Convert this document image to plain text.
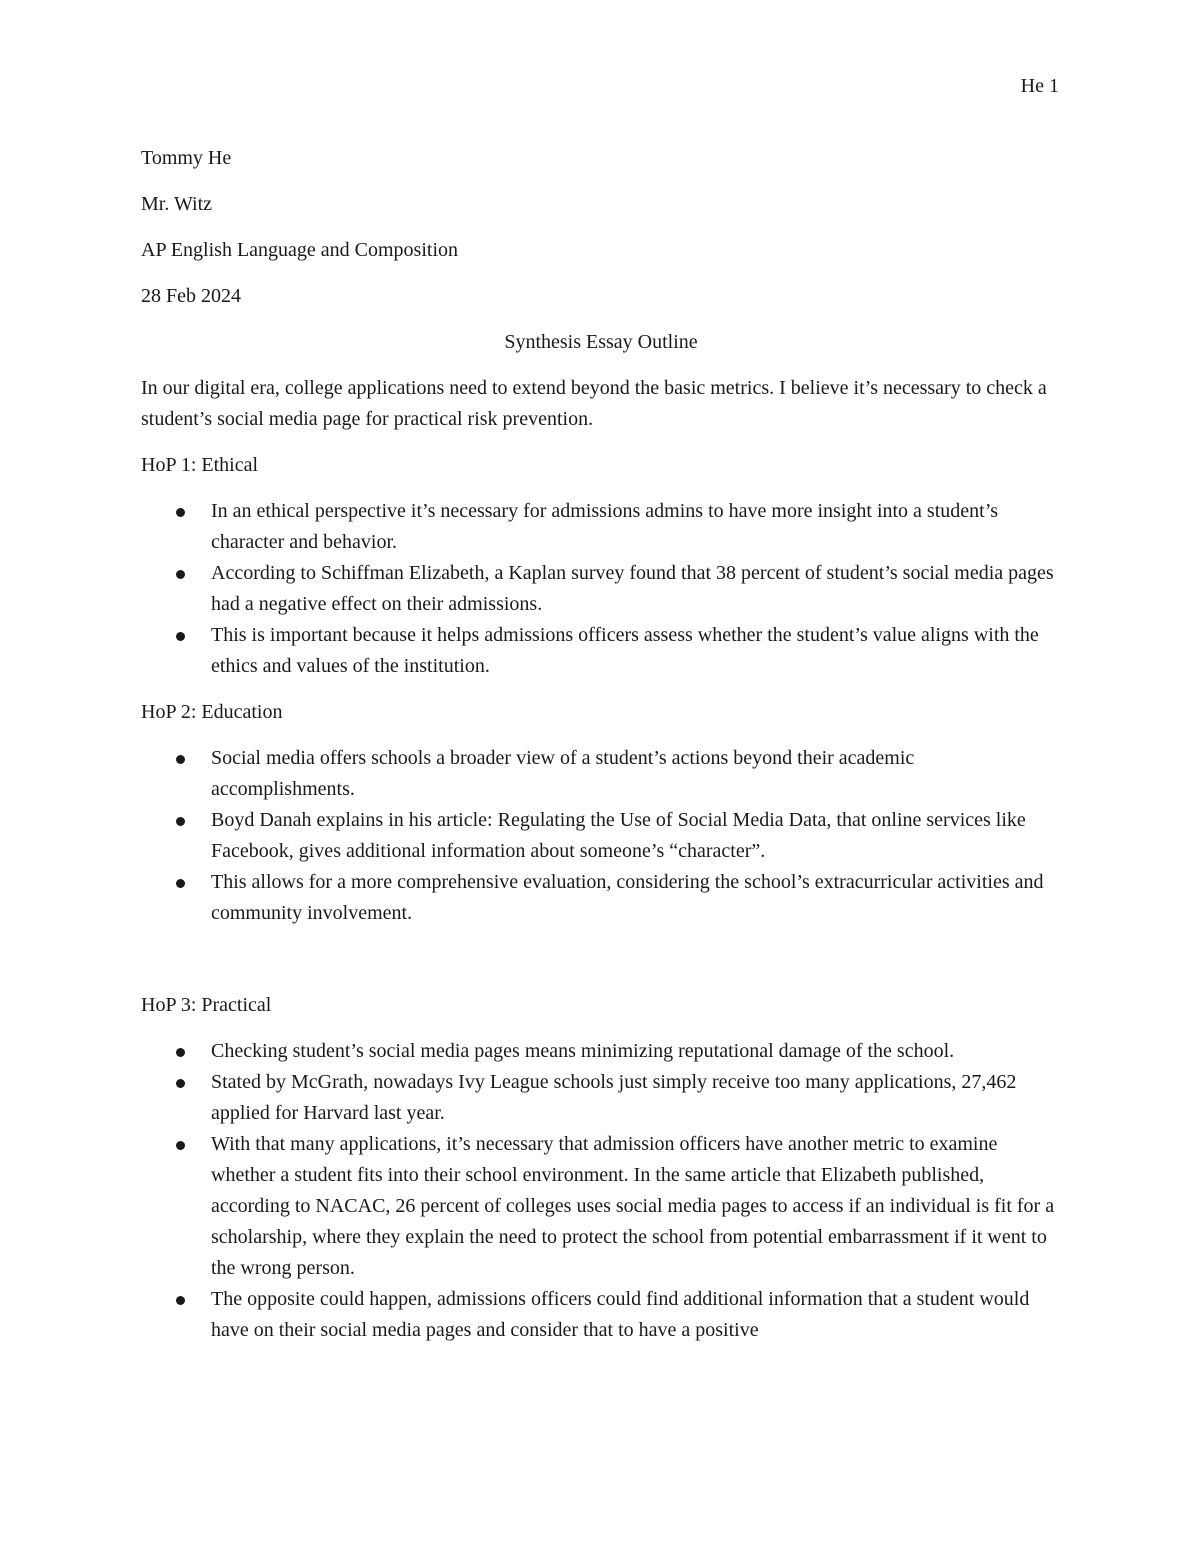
He 1
Tommy He
Mr. Witz
AP English Language and Composition
28 Feb 2024
Synthesis Essay Outline
In our digital era, college applications need to extend beyond the basic metrics. I believe it’s necessary to check a student’s social media page for practical risk prevention.
HoP 1: Ethical
In an ethical perspective it’s necessary for admissions admins to have more insight into a student’s character and behavior.
According to Schiffman Elizabeth, a Kaplan survey found that 38 percent of student’s social media pages had a negative effect on their admissions.
This is important because it helps admissions officers assess whether the student’s value aligns with the ethics and values of the institution.
HoP 2: Education
Social media offers schools a broader view of a student’s actions beyond their academic accomplishments.
Boyd Danah explains in his article: Regulating the Use of Social Media Data, that online services like Facebook, gives additional information about someone’s “character”.
This allows for a more comprehensive evaluation, considering the school’s extracurricular activities and community involvement.
HoP 3: Practical
Checking student’s social media pages means minimizing reputational damage of the school.
Stated by McGrath, nowadays Ivy League schools just simply receive too many applications, 27,462 applied for Harvard last year.
With that many applications, it’s necessary that admission officers have another metric to examine whether a student fits into their school environment. In the same article that Elizabeth published, according to NACAC, 26 percent of colleges uses social media pages to access if an individual is fit for a scholarship, where they explain the need to protect the school from potential embarrassment if it went to the wrong person.
The opposite could happen, admissions officers could find additional information that a student would have on their social media pages and consider that to have a positive
